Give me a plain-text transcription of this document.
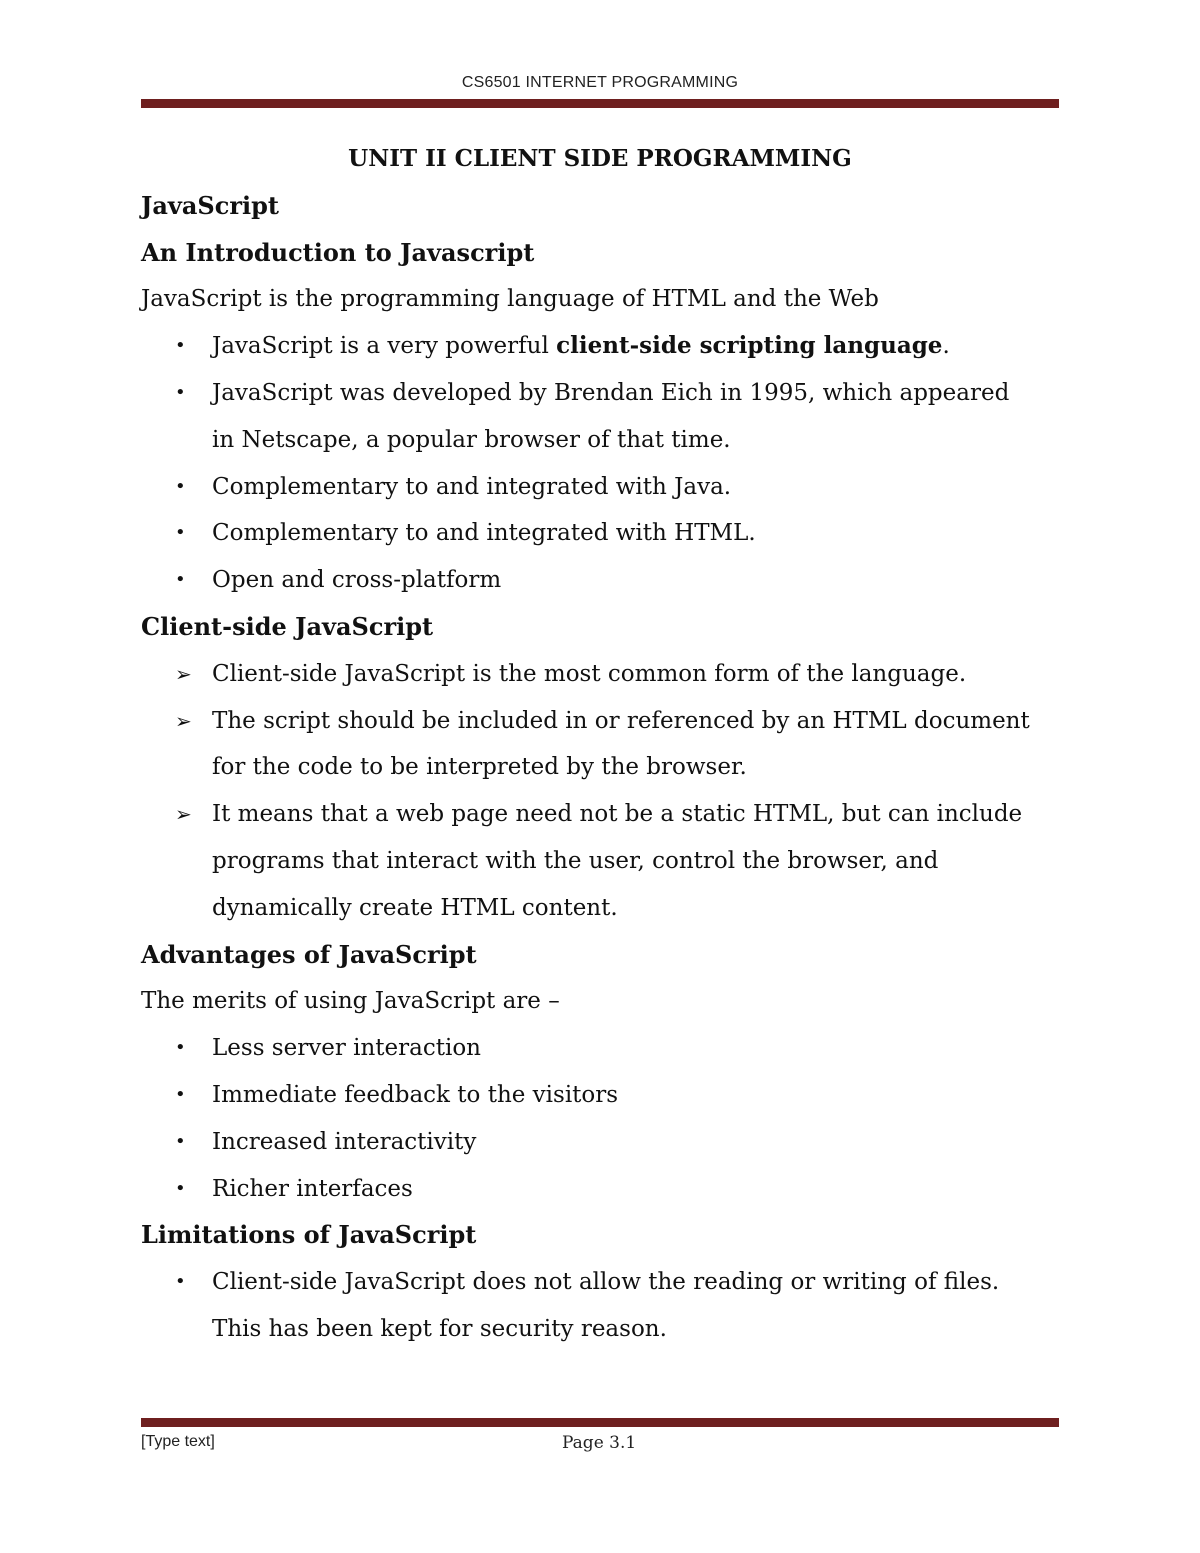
CS6501 INTERNET PROGRAMMING

UNIT II CLIENT SIDE PROGRAMMING

JavaScript

An Introduction to Javascript

JavaScript is the programming language of HTML and the Web

• JavaScript is a very powerful client-side scripting language.
• JavaScript was developed by Brendan Eich in 1995, which appeared
in Netscape, a popular browser of that time.
• Complementary to and integrated with Java.
• Complementary to and integrated with HTML.
• Open and cross-platform

Client-side JavaScript

➢ Client-side JavaScript is the most common form of the language.
➢ The script should be included in or referenced by an HTML document
for the code to be interpreted by the browser.
➢ It means that a web page need not be a static HTML, but can include
programs that interact with the user, control the browser, and
dynamically create HTML content.

Advantages of JavaScript

The merits of using JavaScript are –

• Less server interaction
• Immediate feedback to the visitors
• Increased interactivity
• Richer interfaces

Limitations of JavaScript

• Client-side JavaScript does not allow the reading or writing of files.
This has been kept for security reason.
[Type text]	Page 3.1
